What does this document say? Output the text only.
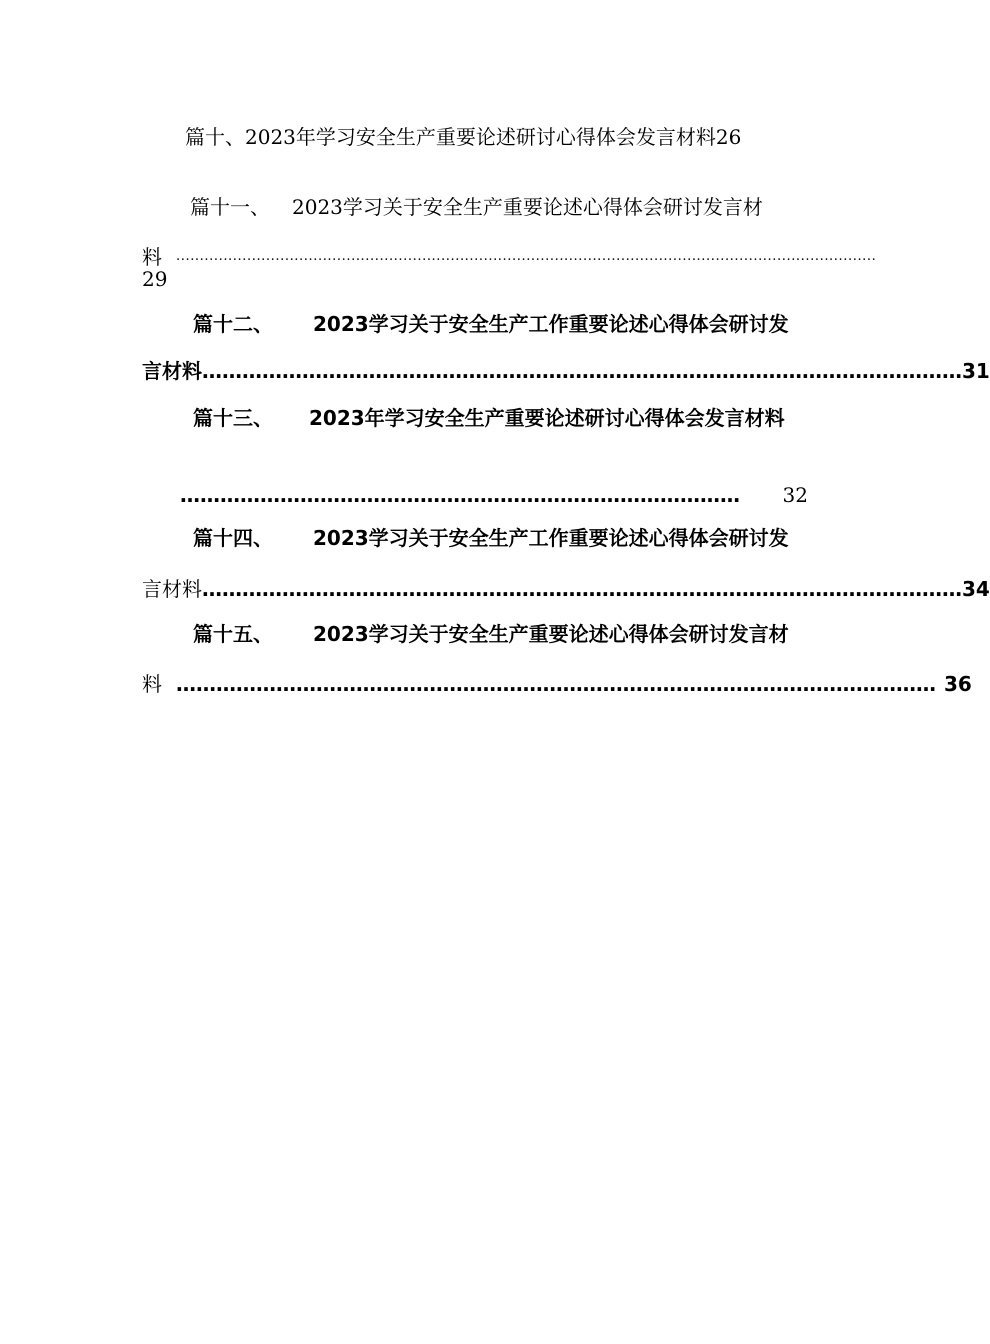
篇十、2023年学习安全生产重要论述研讨心得体会发言材料26
篇十一、 2023学习关于安全生产重要论述心得体会研讨发言材
料 ....................................................................................................................................................
29
篇十二、 2023学习关于安全生产工作重要论述心得体会研讨发
言材料 …………………………………………………………………………………………………… 31
篇十三、 2023年学习安全生产重要论述研讨心得体会发言材料
………………………………………………………………………… 32
篇十四、 2023学习关于安全生产工作重要论述心得体会研讨发
言材料 …………………………………………………………………………………………………… 34
篇十五、 2023学习关于安全生产重要论述心得体会研讨发言材
料 …………………………………………………………………………………………………… 36
